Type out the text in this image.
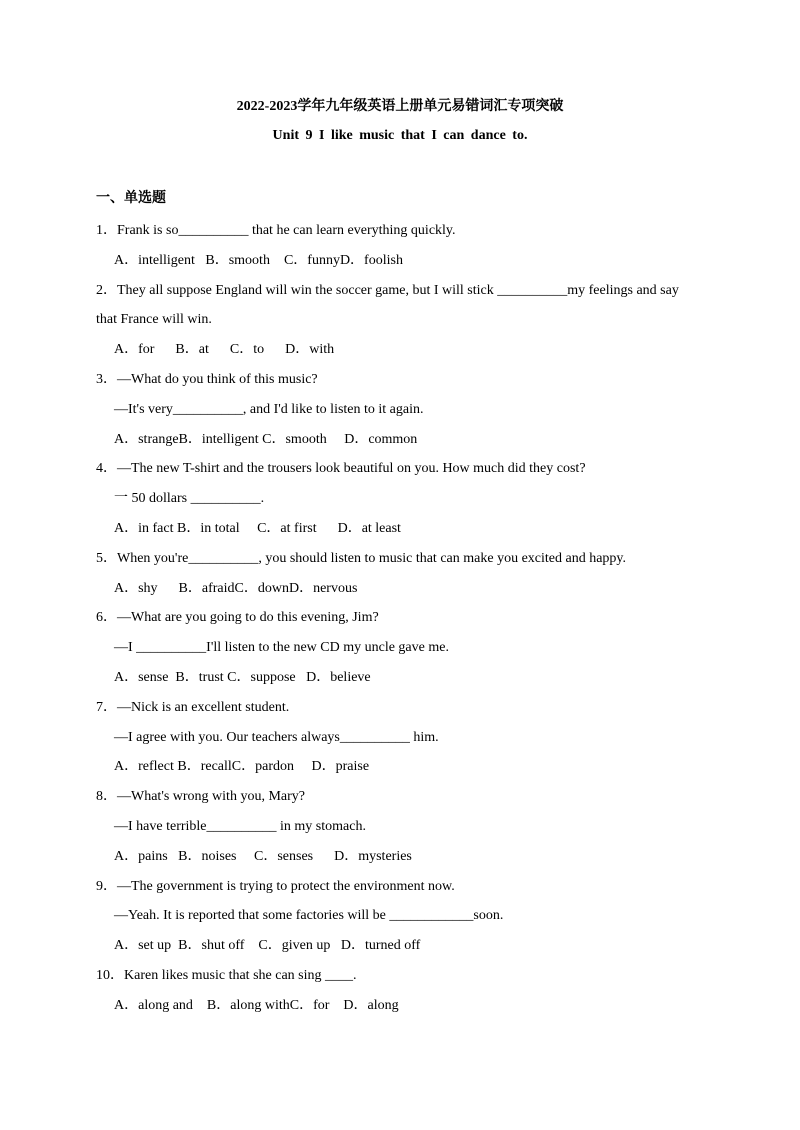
2022-2023学年九年级英语上册单元易错词汇专项突破
Unit 9 I like music that I can dance to.
一、单选题
1．Frank is so__________ that he can learn everything quickly.
A．intelligent   B．smooth    C．funnyD．foolish
2．They all suppose England will win the soccer game, but I will stick __________my feelings and say
that France will win.
A．for      B．at      C．to      D．with
3．—What do you think of this music?
—It's very__________, and I'd like to listen to it again.
A．strangeB．intelligent C．smooth     D．common
4．—The new T-shirt and the trousers look beautiful on you. How much did they cost?
一 50 dollars __________.
A．in fact B．in total     C．at first      D．at least
5．When you're__________, you should listen to music that can make you excited and happy.
A．shy      B．afraidC．downD．nervous
6．—What are you going to do this evening, Jim?
—I __________I'll listen to the new CD my uncle gave me.
A．sense  B．trust C．suppose   D．believe
7．—Nick is an excellent student.
—I agree with you. Our teachers always__________ him.
A．reflect B．recallC．pardon     D．praise
8．—What's wrong with you, Mary?
—I have terrible__________ in my stomach.
A．pains   B．noises     C．senses      D．mysteries
9．—The government is trying to protect the environment now.
—Yeah. It is reported that some factories will be ____________soon.
A．set up  B．shut off    C．given up   D．turned off
10．Karen likes music that she can sing ____.
A．along and    B．along withC．for    D．along
